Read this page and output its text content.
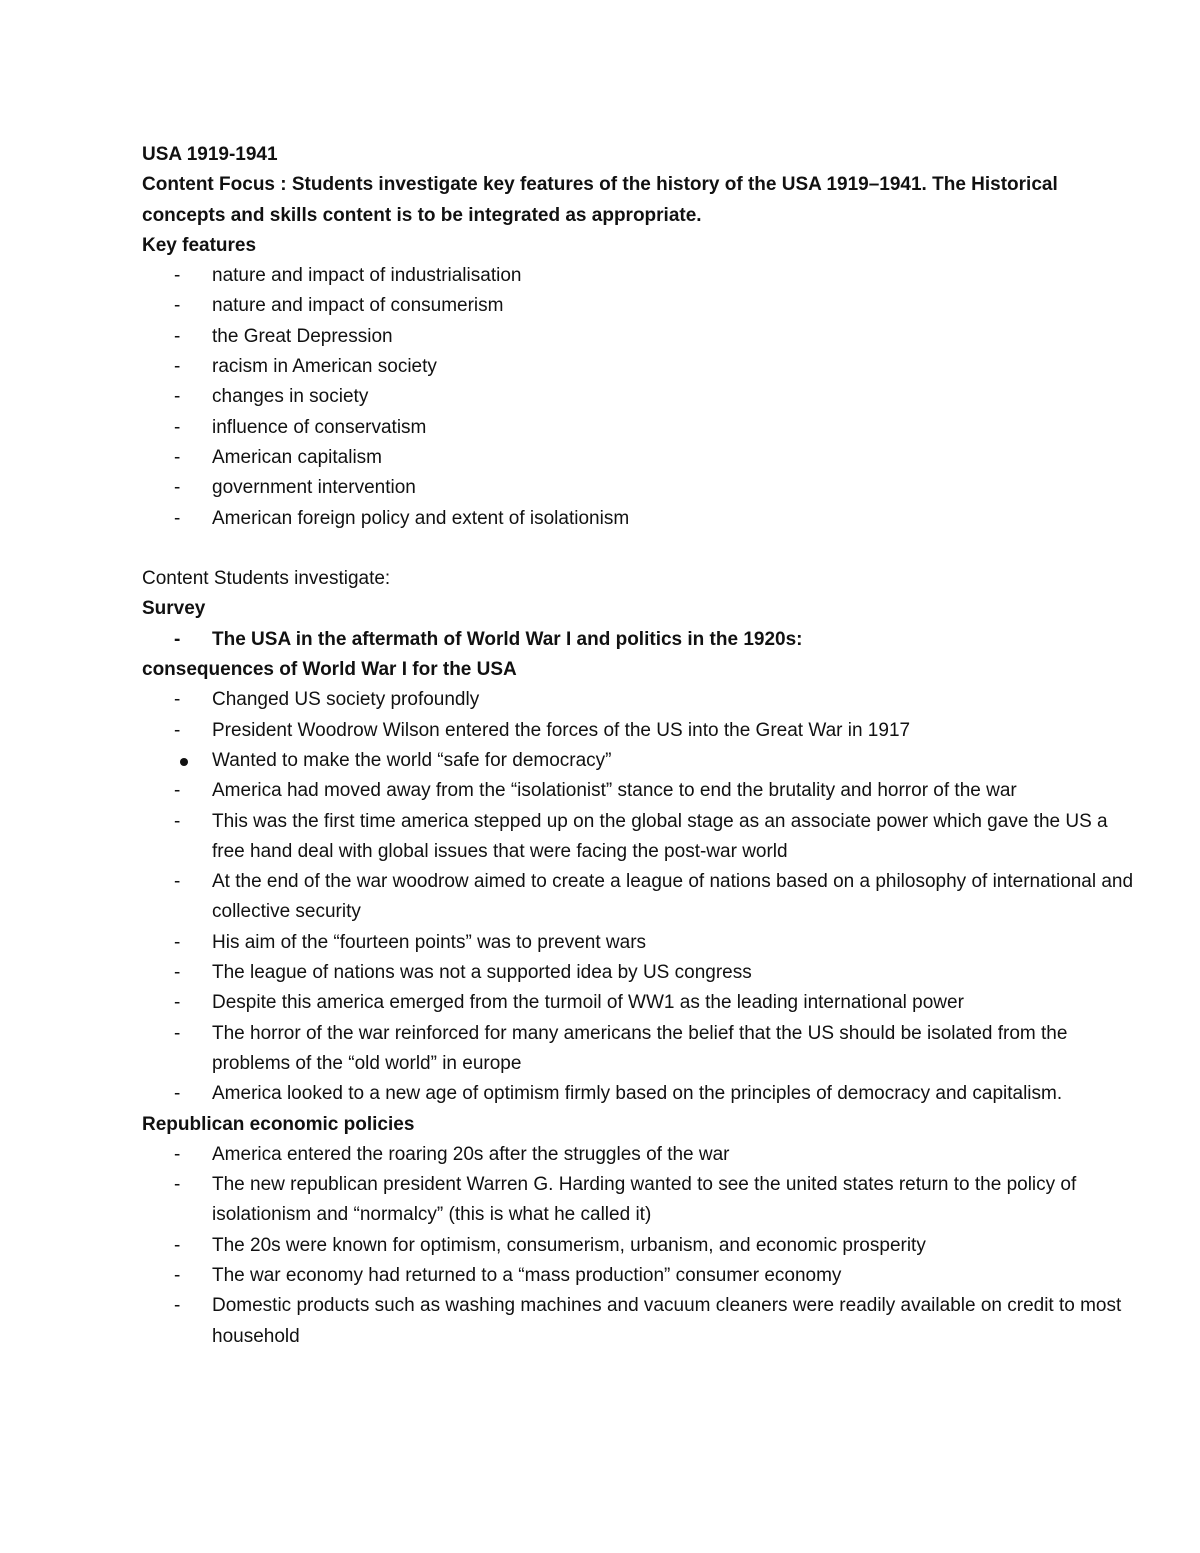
USA 1919-1941

Content Focus : Students investigate key features of the history of the USA 1919–1941. The Historical concepts and skills content is to be integrated as appropriate.

Key features

- nature and impact of industrialisation
- nature and impact of consumerism
- the Great Depression
- racism in American society
- changes in society
- influence of conservatism
- American capitalism
- government intervention
- American foreign policy and extent of isolationism

Content Students investigate:

Survey

- The USA in the aftermath of World War I and politics in the 1920s:

consequences of World War I for the USA

- Changed US society profoundly
- President Woodrow Wilson entered the forces of the US into the Great War in 1917
Wanted to make the world “safe for democracy”
- America had moved away from the “isolationist” stance to end the brutality and horror of the war
- This was the first time america stepped up on the global stage as an associate power which gave the US a free hand deal with global issues that were facing the post-war world
- At the end of the war woodrow aimed to create a league of nations based on a philosophy of international and collective security
- His aim of the “fourteen points” was to prevent wars
- The league of nations was not a supported idea by US congress
- Despite this america emerged from the turmoil of WW1 as the leading international power
- The horror of the war reinforced for many americans the belief that the US should be isolated from the problems of the “old world” in europe
- America looked to a new age of optimism firmly based on the principles of democracy and capitalism.

Republican economic policies

- America entered the roaring 20s after the struggles of the war
- The new republican president Warren G. Harding wanted to see the united states return to the policy of isolationism and “normalcy” (this is what he called it)
- The 20s were known for optimism, consumerism, urbanism, and economic prosperity
- The war economy had returned to a “mass production” consumer economy
- Domestic products such as washing machines and vacuum cleaners were readily available on credit to most household
